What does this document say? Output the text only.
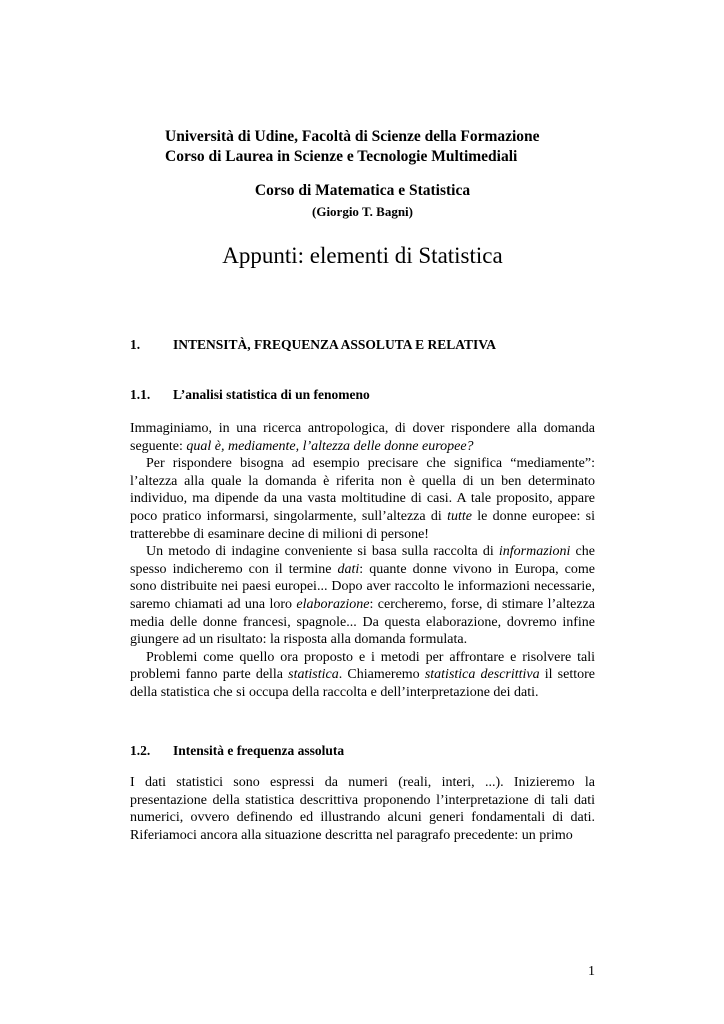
Università di Udine, Facoltà di Scienze della Formazione
Corso di Laurea in Scienze e Tecnologie Multimediali
Corso di Matematica e Statistica
(Giorgio T. Bagni)
Appunti: elementi di Statistica
1. INTENSITÀ, FREQUENZA ASSOLUTA E RELATIVA
1.1. L’analisi statistica di un fenomeno

Immaginiamo, in una ricerca antropologica, di dover rispondere alla domanda seguente: qual è, mediamente, l’altezza delle donne europee?

Per rispondere bisogna ad esempio precisare che significa “mediamente”: l’altezza alla quale la domanda è riferita non è quella di un ben determinato individuo, ma dipende da una vasta moltitudine di casi. A tale proposito, appare poco pratico informarsi, singolarmente, sull’altezza di tutte le donne europee: si tratterebbe di esaminare decine di milioni di persone!

Un metodo di indagine conveniente si basa sulla raccolta di informazioni che spesso indicheremo con il termine dati: quante donne vivono in Europa, come sono distribuite nei paesi europei... Dopo aver raccolto le informazioni necessarie, saremo chiamati ad una loro elaborazione: cercheremo, forse, di stimare l’altezza media delle donne francesi, spagnole... Da questa elaborazione, dovremo infine giungere ad un risultato: la risposta alla domanda formulata.

Problemi come quello ora proposto e i metodi per affrontare e risolvere tali problemi fanno parte della statistica. Chiameremo statistica descrittiva il settore della statistica che si occupa della raccolta e dell’interpretazione dei dati.

1.2. Intensità e frequenza assoluta

I dati statistici sono espressi da numeri (reali, interi, ...). Inizieremo la presentazione della statistica descrittiva proponendo l’interpretazione di tali dati numerici, ovvero definendo ed illustrando alcuni generi fondamentali di dati. Riferiamoci ancora alla situazione descritta nel paragrafo precedente: un primo

1
